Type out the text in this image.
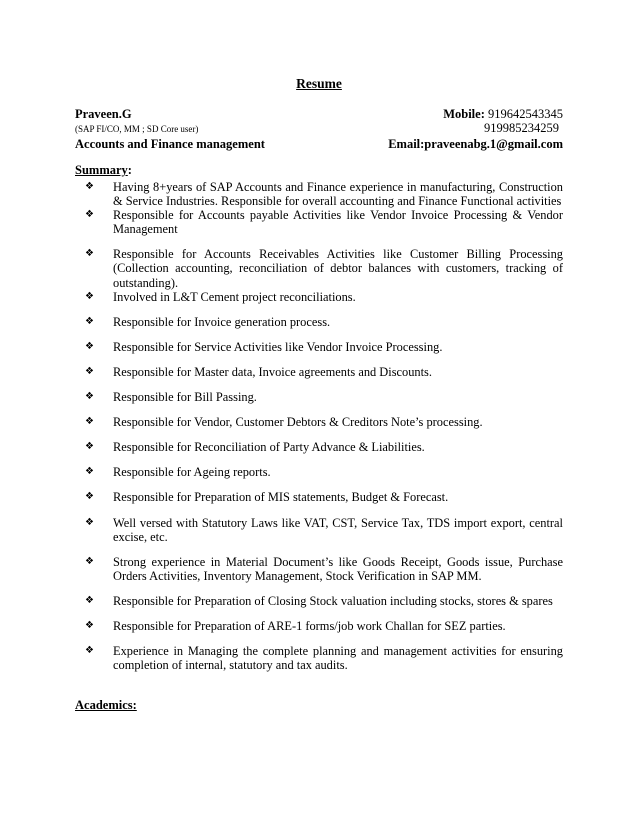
Resume
Praveen.G	Mobile: 919642543345
(SAP FI/CO, MM ; SD Core user)	919985234259
Accounts and Finance management	Email:praveenabg.1@gmail.com
Summary:
❖ Having 8+years of SAP Accounts and Finance experience in manufacturing, Construction & Service Industries. Responsible for overall accounting and Finance Functional activities
❖ Responsible for Accounts payable Activities like Vendor Invoice Processing & Vendor Management
❖ Responsible for Accounts Receivables Activities like Customer Billing Processing (Collection accounting, reconciliation of debtor balances with customers, tracking of outstanding).
❖ Involved in L&T Cement project reconciliations.
❖ Responsible for Invoice generation process.
❖ Responsible for Service Activities like Vendor Invoice Processing.
❖ Responsible for Master data, Invoice agreements and Discounts.
❖ Responsible for Bill Passing.
❖ Responsible for Vendor, Customer Debtors & Creditors Note’s processing.
❖ Responsible for Reconciliation of Party Advance & Liabilities.
❖ Responsible for Ageing reports.
❖ Responsible for Preparation of MIS statements, Budget & Forecast.
❖ Well versed with Statutory Laws like VAT, CST, Service Tax, TDS import export, central excise, etc.
❖ Strong experience in Material Document’s like Goods Receipt, Goods issue, Purchase Orders Activities, Inventory Management, Stock Verification in SAP MM.
❖ Responsible for Preparation of Closing Stock valuation including stocks, stores & spares
❖ Responsible for Preparation of ARE-1 forms/job work Challan for SEZ parties.
❖ Experience in Managing the complete planning and management activities for ensuring completion of internal, statutory and tax audits.
Academics:
